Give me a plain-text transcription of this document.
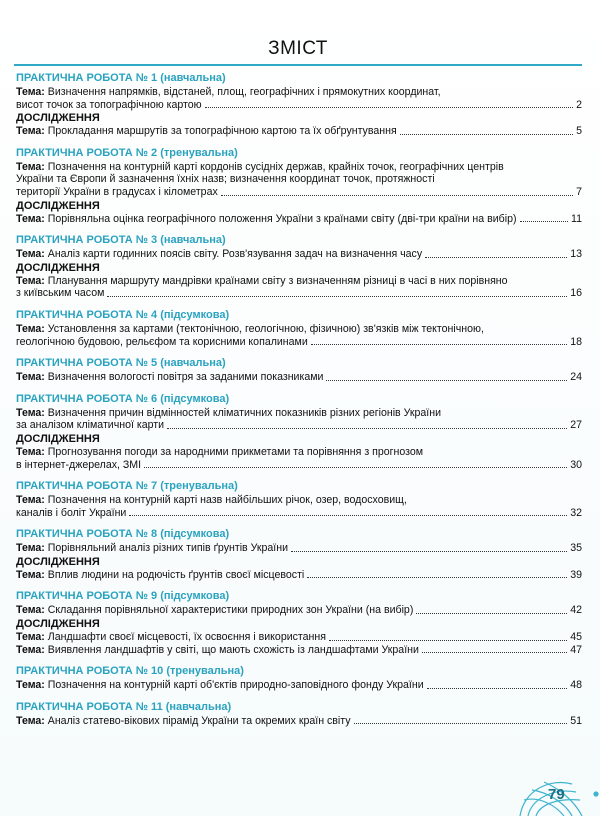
ЗМІСТ
ПРАКТИЧНА РОБОТА № 1 (навчальна)
Тема: Визначення напрямків, відстаней, площ, географічних і прямокутних координат,
висот точок за топографічною картою	2
ДОСЛІДЖЕННЯ
Тема: Прокладання маршрутів за топографічною картою та їх обґрунтування	5
ПРАКТИЧНА РОБОТА № 2 (тренувальна)
Тема: Позначення на контурній карті кордонів сусідніх держав, крайніх точок, географічних центрів
України та Європи й зазначення їхніх назв; визначення координат точок, протяжності
території України в градусах і кілометрах	7
ДОСЛІДЖЕННЯ
Тема: Порівняльна оцінка географічного положення України з країнами світу (дві-три країни на вибір)	11
ПРАКТИЧНА РОБОТА № 3 (навчальна)
Тема: Аналіз карти годинних поясів світу. Розв'язування задач на визначення часу	13
ДОСЛІДЖЕННЯ
Тема: Планування маршруту мандрівки країнами світу з визначенням різниці в часі в них порівняно
з київським часом	16
ПРАКТИЧНА РОБОТА № 4 (підсумкова)
Тема: Установлення за картами (тектонічною, геологічною, фізичною) зв'язків між тектонічною,
геологічною будовою, рельєфом та корисними копалинами	18
ПРАКТИЧНА РОБОТА № 5 (навчальна)
Тема: Визначення вологості повітря за заданими показниками	24
ПРАКТИЧНА РОБОТА № 6 (підсумкова)
Тема: Визначення причин відмінностей кліматичних показників різних регіонів України
за аналізом кліматичної карти	27
ДОСЛІДЖЕННЯ
Тема: Прогнозування погоди за народними прикметами та порівняння з прогнозом
в інтернет-джерелах, ЗМІ	30
ПРАКТИЧНА РОБОТА № 7 (тренувальна)
Тема: Позначення на контурній карті назв найбільших річок, озер, водосховищ,
каналів і боліт України	32
ПРАКТИЧНА РОБОТА № 8 (підсумкова)
Тема: Порівняльний аналіз різних типів ґрунтів України	35
ДОСЛІДЖЕННЯ
Тема: Вплив людини на родючість ґрунтів своєї місцевості	39
ПРАКТИЧНА РОБОТА № 9 (підсумкова)
Тема: Складання порівняльної характеристики природних зон України (на вибір)	42
ДОСЛІДЖЕННЯ
Тема: Ландшафти своєї місцевості, їх освоєння і використання	45
Тема: Виявлення ландшафтів у світі, що мають схожість із ландшафтами України	47
ПРАКТИЧНА РОБОТА № 10 (тренувальна)
Тема: Позначення на контурній карті об'єктів природно-заповідного фонду України	48
ПРАКТИЧНА РОБОТА № 11 (навчальна)
Тема: Аналіз статево-вікових пірамід України та окремих країн світу	51
79
